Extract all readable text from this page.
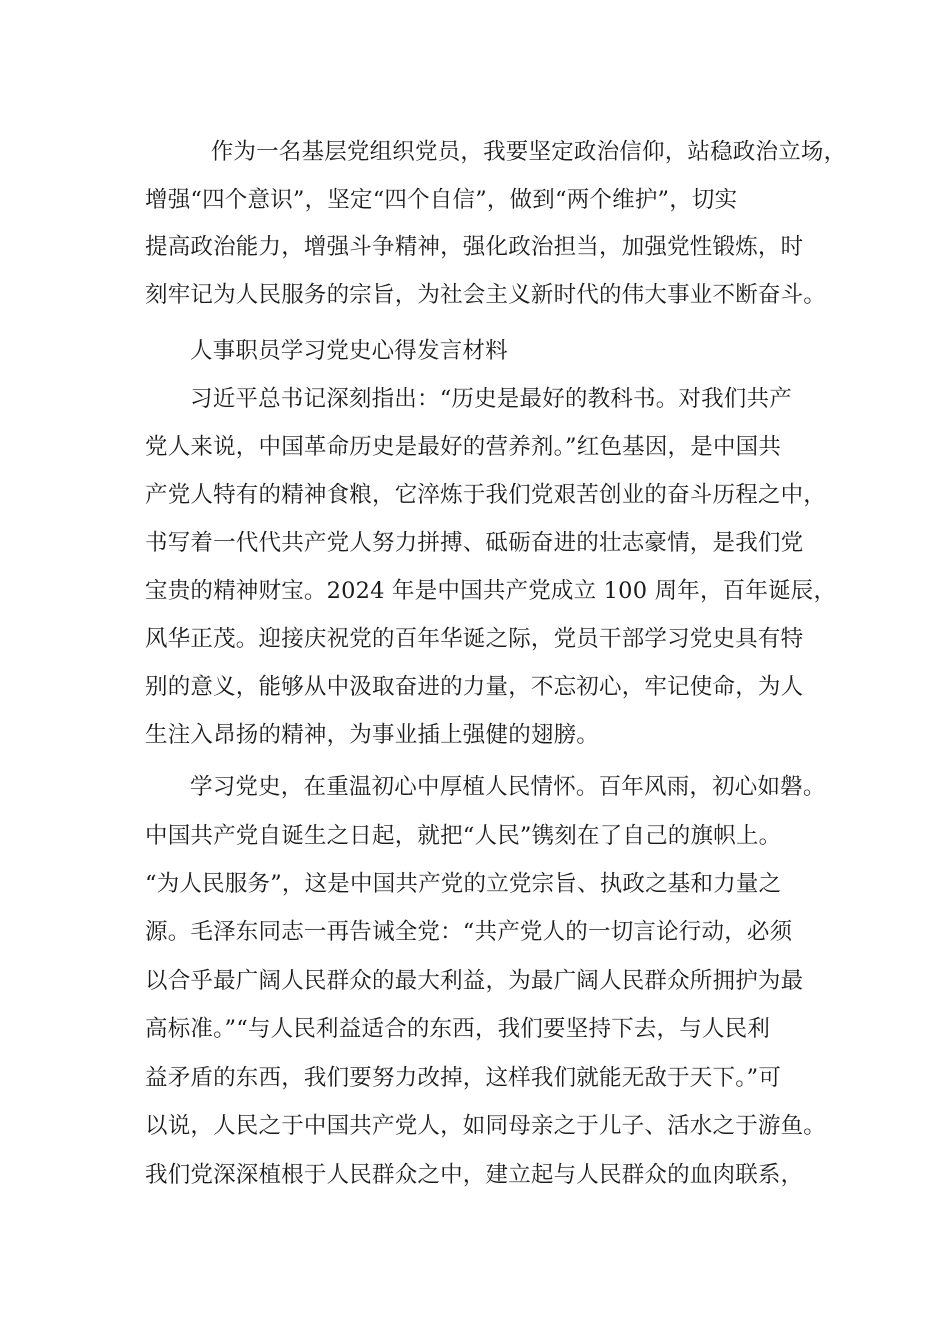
　作为一名基层党组织党员，我要坚定政治信仰，站稳政治立场，
增强“四个意识”，坚定“四个自信”，做到“两个维护”，切实
提高政治能力，增强斗争精神，强化政治担当，加强党性锻炼，时
刻牢记为人民服务的宗旨，为社会主义新时代的伟大事业不断奋斗。
人事职员学习党史心得发言材料
习近平总书记深刻指出：“历史是最好的教科书。对我们共产
党人来说，中国革命历史是最好的营养剂。”红色基因，是中国共
产党人特有的精神食粮，它淬炼于我们党艰苦创业的奋斗历程之中，
书写着一代代共产党人努力拼搏、砥砺奋进的壮志豪情，是我们党
宝贵的精神财宝。2024 年是中国共产党成立 100 周年，百年诞辰，
风华正茂。迎接庆祝党的百年华诞之际，党员干部学习党史具有特
别的意义，能够从中汲取奋进的力量，不忘初心，牢记使命，为人
生注入昂扬的精神，为事业插上强健的翅膀。
学习党史，在重温初心中厚植人民情怀。百年风雨，初心如磐。
中国共产党自诞生之日起，就把“人民”镌刻在了自己的旗帜上。
“为人民服务”，这是中国共产党的立党宗旨、执政之基和力量之
源。毛泽东同志一再告诫全党：“共产党人的一切言论行动，必须
以合乎最广阔人民群众的最大利益，为最广阔人民群众所拥护为最
高标准。”“与人民利益适合的东西，我们要坚持下去，与人民利
益矛盾的东西，我们要努力改掉，这样我们就能无敌于天下。”可
以说，人民之于中国共产党人，如同母亲之于儿子、活水之于游鱼。
我们党深深植根于人民群众之中，建立起与人民群众的血肉联系，
